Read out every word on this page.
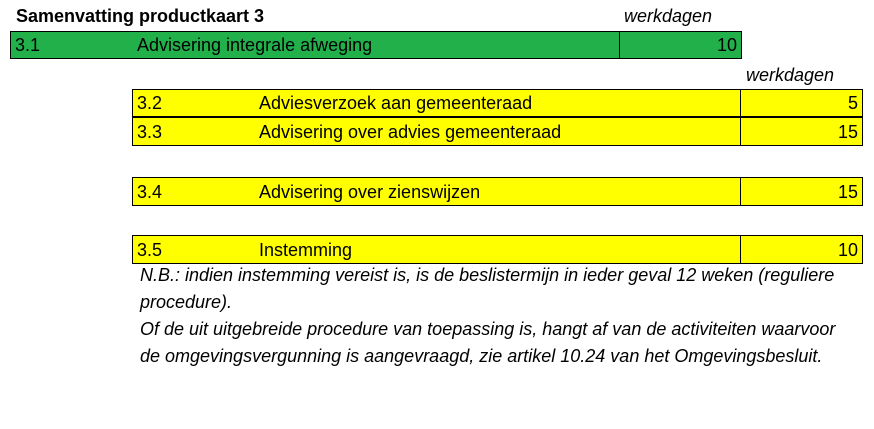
Samenvatting productkaart 3	werkdagen
3.1	Advisering integrale afweging	10
werkdagen
3.2	Adviesverzoek aan gemeenteraad	5
3.3	Advisering over advies gemeenteraad	15
3.4	Advisering over zienswijzen	15
3.5	Instemming	10

N.B.: indien instemming vereist is, is de beslistermijn in ieder geval 12 weken (reguliere procedure).

Of de uit uitgebreide procedure van toepassing is, hangt af van de activiteiten waarvoor de omgevingsvergunning is aangevraagd, zie artikel 10.24 van het Omgevingsbesluit.
